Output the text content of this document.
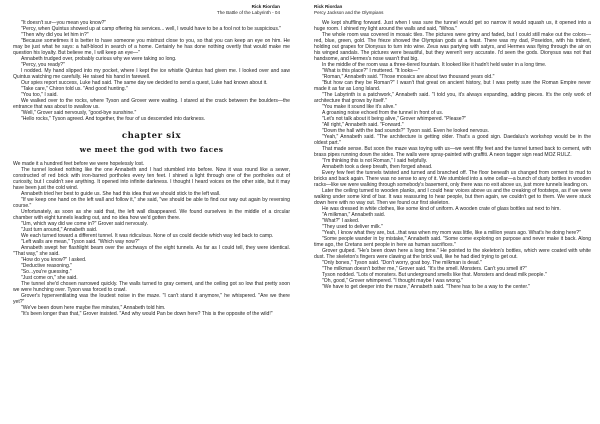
Rick Riordan
The Battle of the Labyrinth - 04

"It doesn't sur—you mean you know?"

"Percy, when Quintus showed up at camp offering his services... well, I would have to be a fool not to be suspicious."

"Then why did you let him in?"

"Because sometimes it is better to have someone you mistrust close to you, so that you can keep an eye on him. He may be just what he says: a half-blood in search of a home. Certainly he has done nothing overtly that would make me question his loyalty. But believe me, I will keep an eye—"

Annabeth trudged over, probably curious why we were taking so long.

"Percy, you ready?"

I nodded. My hand slipped into my pocket, where I kept the ice whistle Quintus had given me. I looked over and saw Quintus watching me carefully. He raised his hand in farewell.

Our spies report success, Luke had said. The same day we decided to send a quest, Luke had known about it.

"Take care," Chiron told us. "And good hunting."

"You too," I said.

We walked over to the rocks, where Tyson and Grover were waiting. I stared at the crack between the boulders—the entrance that was about to swallow us.

"Well," Grover said nervously, "good-bye sunshine."

"Hello rocks," Tyson agreed. And together, the four of us descended into darkness.

chapter six
we meet the god with two faces

We made it a hundred feet before we were hopelessly lost.

The tunnel looked nothing like the one Annabeth and I had stumbled into before. Now it was round like a sewer, constructed of red brick with iron-barred portholes every ten feet. I shined a light through one of the portholes out of curiosity, but I couldn't see anything. It opened into infinite darkness. I thought I heard voices on the other side, but it may have been just the cold wind.

Annabeth tried her best to guide us. She had this idea that we should stick to the left wall.

"If we keep one hand on the left wall and follow it," she said, "we should be able to find our way out again by reversing course."

Unfortunately, as soon as she said that, the left wall disappeared. We found ourselves in the middle of a circular chamber with eight tunnels leading out, and no idea how we'd gotten there.

"Um, which way did we come in?" Grover said nervously.

"Just turn around," Annabeth said.

We each turned toward a different tunnel. It was ridiculous. None of us could decide which way led back to camp.

"Left walls are mean," Tyson said. "Which way now?"

Annabeth swept her flashlight beam over the archways of the eight tunnels. As far as I could tell, they were identical. "That way," she said.

"How do you know?" I asked.

"Deductive reasoning."

"So...you're guessing."

"Just come on," she said.

The tunnel she'd chosen narrowed quickly. The walls turned to gray cement, and the ceiling got so low that pretty soon we were hunching over. Tyson was forced to crawl.

Grover's hyperventilating was the loudest noise in the maze. "I can't stand it anymore," he whispered. "Are we there yet?"

"We've been down here maybe five minutes," Annabeth told him.

"It's been longer than that," Grover insisted. "And why would Pan be down here? This is the opposite of the wild!"

Rick Riordan
Percy Jackson and the Olympians

We kept shuffling forward. Just when I was sure the tunnel would get so narrow it would squash us, it opened into a huge room. I shined my light around the walls and said, "Whoa."

The whole room was covered in mosaic tiles. The pictures were grimy and faded, but I could still make out the colors—red, blue, green, gold. The frieze showed the Olympian gods at a feast. There was my dad, Poseidon, with his trident, holding out grapes for Dionysus to turn into wine. Zeus was partying with satyrs, and Hermes was flying through the air on his winged sandals. The pictures were beautiful, but they weren't very accurate. I'd seen the gods. Dionysus was not that handsome, and Hermes's nose wasn't that big.

In the middle of the room was a three-tiered fountain. It looked like it hadn't held water in a long time.

"What is this place?" I muttered. "It looks—"

"Roman," Annabeth said. "Those mosaics are about two thousand years old."

"But how can they be Roman?" I wasn't that great on ancient history, but I was pretty sure the Roman Empire never made it as far as Long Island.

"The Labyrinth is a patchwork," Annabeth said. "I told you, it's always expanding, adding pieces. It's the only work of architecture that grows by itself."

"You make it sound like it's alive."

A groaning noise echoed from the tunnel in front of us.

"Let's not talk about it being alive," Grover whimpered. "Please?"

"All right," Annabeth said. "Forward."

"Down the hall with the bad sounds?" Tyson said. Even he looked nervous.

"Yeah," Annabeth said. "The architecture is getting older. That's a good sign. Daedalus's workshop would be in the oldest part."

That made sense. But soon the maze was toying with us—we went fifty feet and the tunnel turned back to cement, with brass pipes running down the sides. The walls were spray-painted with graffiti. A neon tagger sign read MOZ RULZ.

"I'm thinking this is not Roman," I said helpfully.

Annabeth took a deep breath, then forged ahead.

Every few feet the tunnels twisted and turned and branched off. The floor beneath us changed from cement to mud to bricks and back again. There was no sense to any of it. We stumbled into a wine cellar—a bunch of dusty bottles in wooden racks—like we were walking through somebody's basement, only there was no exit above us, just more tunnels leading on.

Later the ceiling turned to wooden planks, and I could hear voices above us and the creaking of footsteps, as if we were walking under some kind of bar. It was reassuring to hear people, but then again, we couldn't get to them. We were stuck down here with no way out. Then we found our first skeleton.

He was dressed in white clothes, like some kind of uniform. A wooden crate of glass bottles sat next to him.

"A milkman," Annabeth said.

"What?" I asked.

"They used to deliver milk."

"Yeah, I know what they are, but...that was when my mom was little, like a million years ago. What's he doing here?"

"Some people wander in by mistake," Annabeth said. "Some come exploring on purpose and never make it back. Along time ago, the Cretans sent people in here as human sacrifices."

Grover gulped. "He's been down here a long time." He pointed to the skeleton's bottles, which were coated with white dust. The skeleton's fingers were clawing at the brick wall, like he had died trying to get out.

"Only bones," Tyson said. "Don't worry, goat boy. The milkman is dead."

"The milkman doesn't bother me," Grover said. "It's the smell. Monsters. Can't you smell it?"

Tyson nodded. "Lots of monsters. But underground smells like that. Monsters and dead milk people."

"Oh, good," Grover whimpered. "I thought maybe I was wrong."

"We have to get deeper into the maze," Annabeth said. "There has to be a way to the center."
